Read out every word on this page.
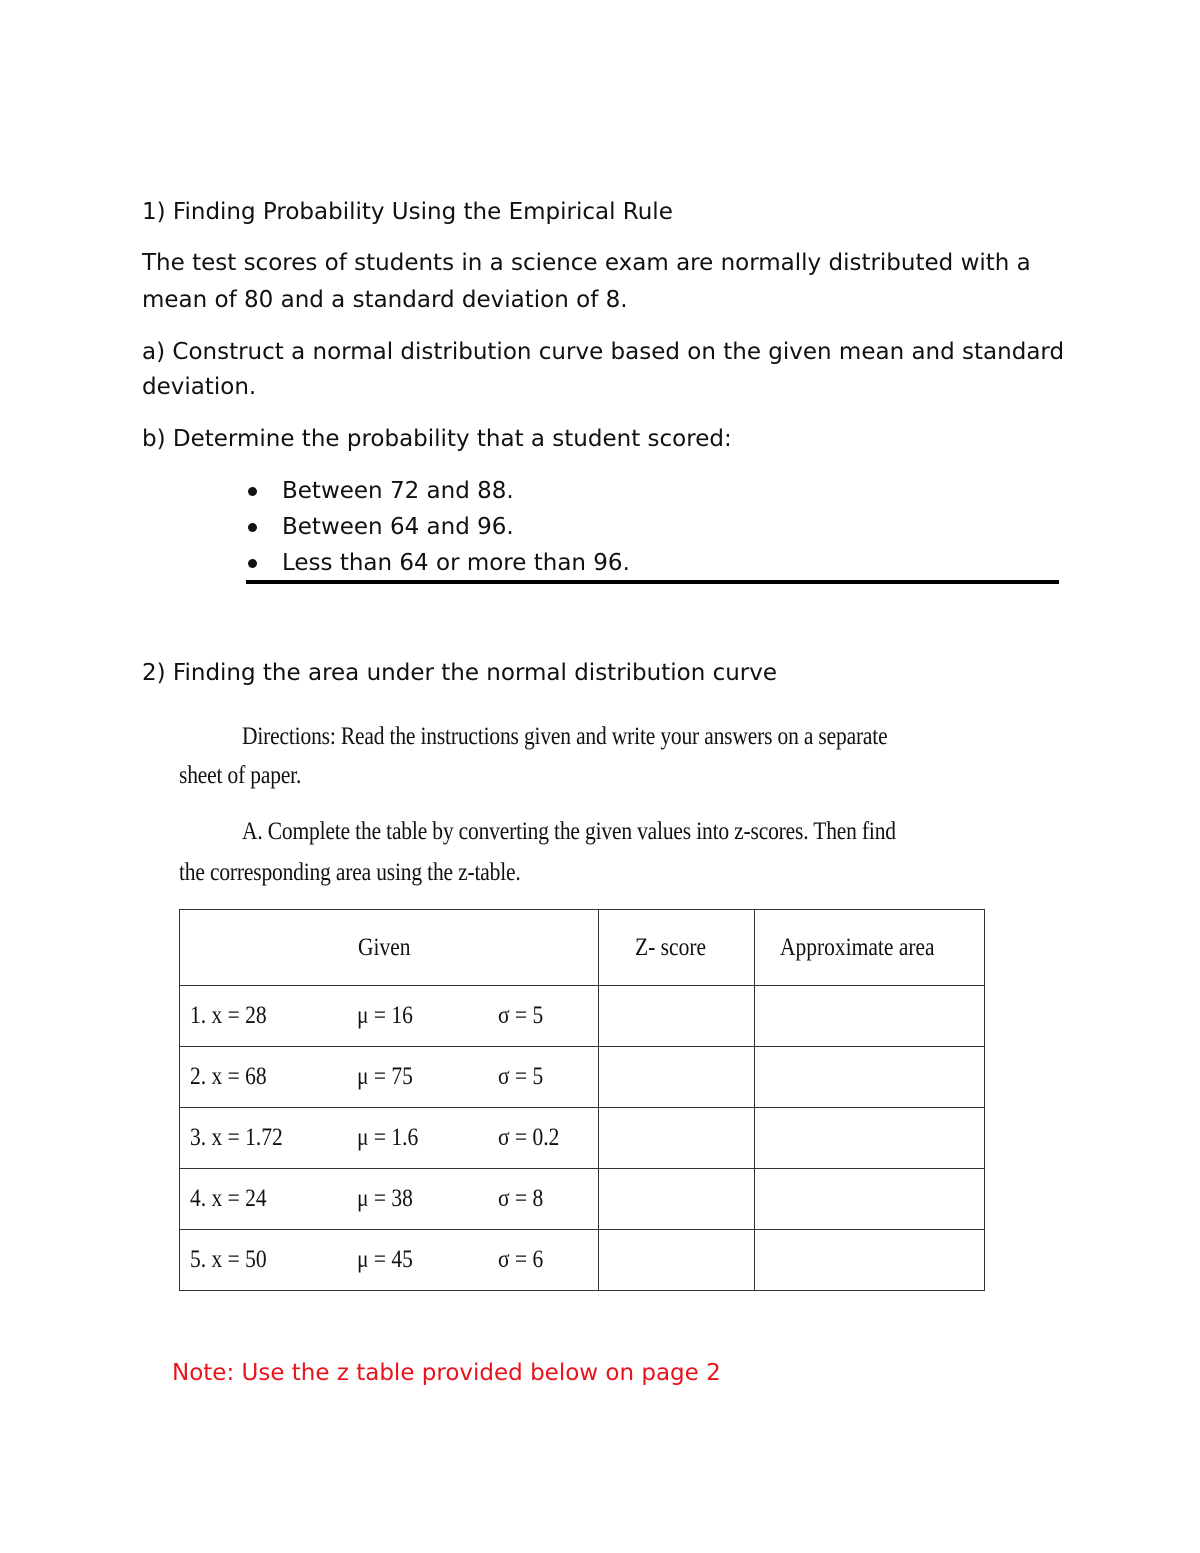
1) Finding Probability Using the Empirical Rule
The test scores of students in a science exam are normally distributed with a
mean of 80 and a standard deviation of 8.
a) Construct a normal distribution curve based on the given mean and standard
deviation.
b) Determine the probability that a student scored:
Between 72 and 88.
Between 64 and 96.
Less than 64 or more than 96.
2) Finding the area under the normal distribution curve
Directions: Read the instructions given and write your answers on a separate
sheet of paper.
A. Complete the table by converting the given values into z-scores. Then find
the corresponding area using the z-table.
Given	Z- score	Approximate area

1. x = 28 μ = 16 σ = 5		

2. x = 68 μ = 75 σ = 5		

3. x = 1.72 μ = 1.6 σ = 0.2		

4. x = 24 μ = 38 σ = 8		

5. x = 50 μ = 45 σ = 6		

Note: Use the z table provided below on page 2
